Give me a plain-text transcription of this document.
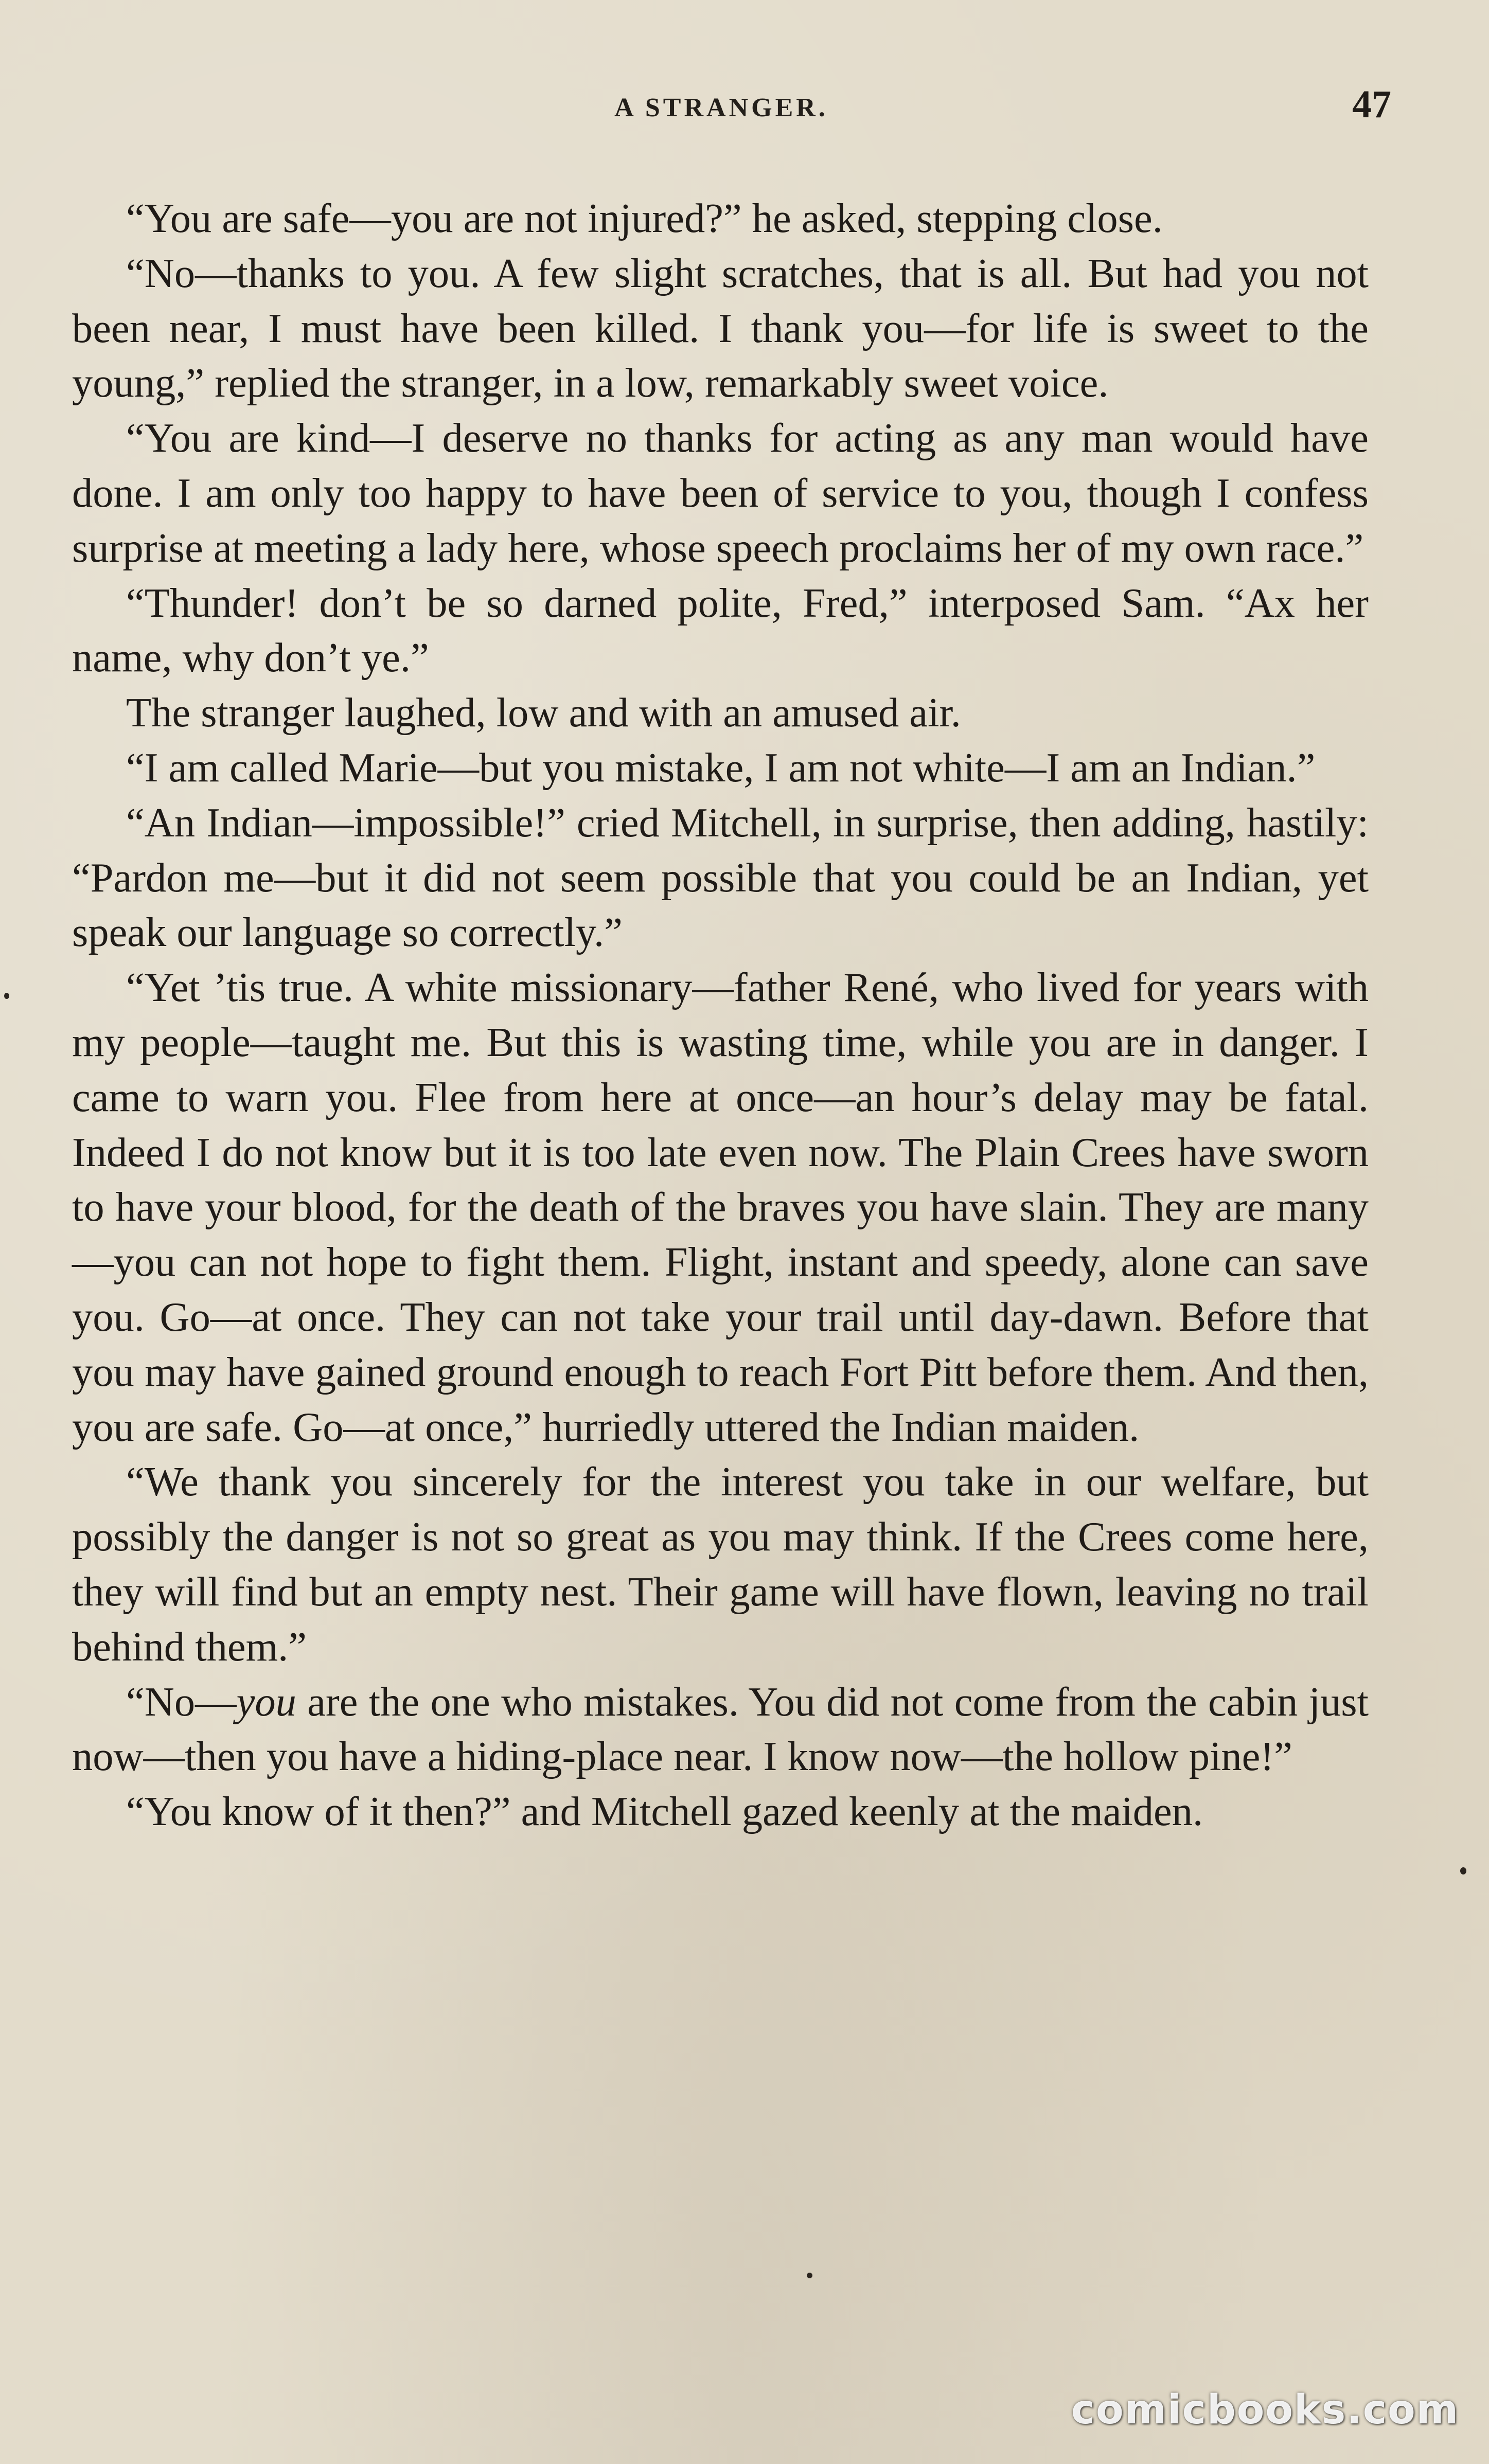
A STRANGER.	47

“You are safe—you are not injured?” he asked, stepping close.

“No—thanks to you. A few slight scratches, that is all. But had you not been near, I must have been killed. I thank you—for life is sweet to the young,” replied the stranger, in a low, remarkably sweet voice.

“You are kind—I deserve no thanks for acting as any man would have done. I am only too happy to have been of service to you, though I confess surprise at meeting a lady here, whose speech proclaims her of my own race.”

“Thunder! don’t be so darned polite, Fred,” interposed Sam. “Ax her name, why don’t ye.”

The stranger laughed, low and with an amused air.

“I am called Marie—but you mistake, I am not white—I am an Indian.”

“An Indian—impossible!” cried Mitchell, in surprise, then adding, hastily: “Pardon me—but it did not seem possible that you could be an Indian, yet speak our language so correctly.”

“Yet ’tis true. A white missionary—father René, who lived for years with my people—taught me. But this is wasting time, while you are in danger. I came to warn you. Flee from here at once—an hour’s delay may be fatal. Indeed I do not know but it is too late even now. The Plain Crees have sworn to have your blood, for the death of the braves you have slain. They are many—you can not hope to fight them. Flight, instant and speedy, alone can save you. Go—at once. They can not take your trail until day-dawn. Before that you may have gained ground enough to reach Fort Pitt before them. And then, you are safe. Go—at once,” hurriedly uttered the Indian maiden.

“We thank you sincerely for the interest you take in our welfare, but possibly the danger is not so great as you may think. If the Crees come here, they will find but an empty nest. Their game will have flown, leaving no trail behind them.”

“No—you are the one who mistakes. You did not come from the cabin just now—then you have a hiding-place near. I know now—the hollow pine!”

“You know of it then?” and Mitchell gazed keenly at the maiden.

comicbooks.com
